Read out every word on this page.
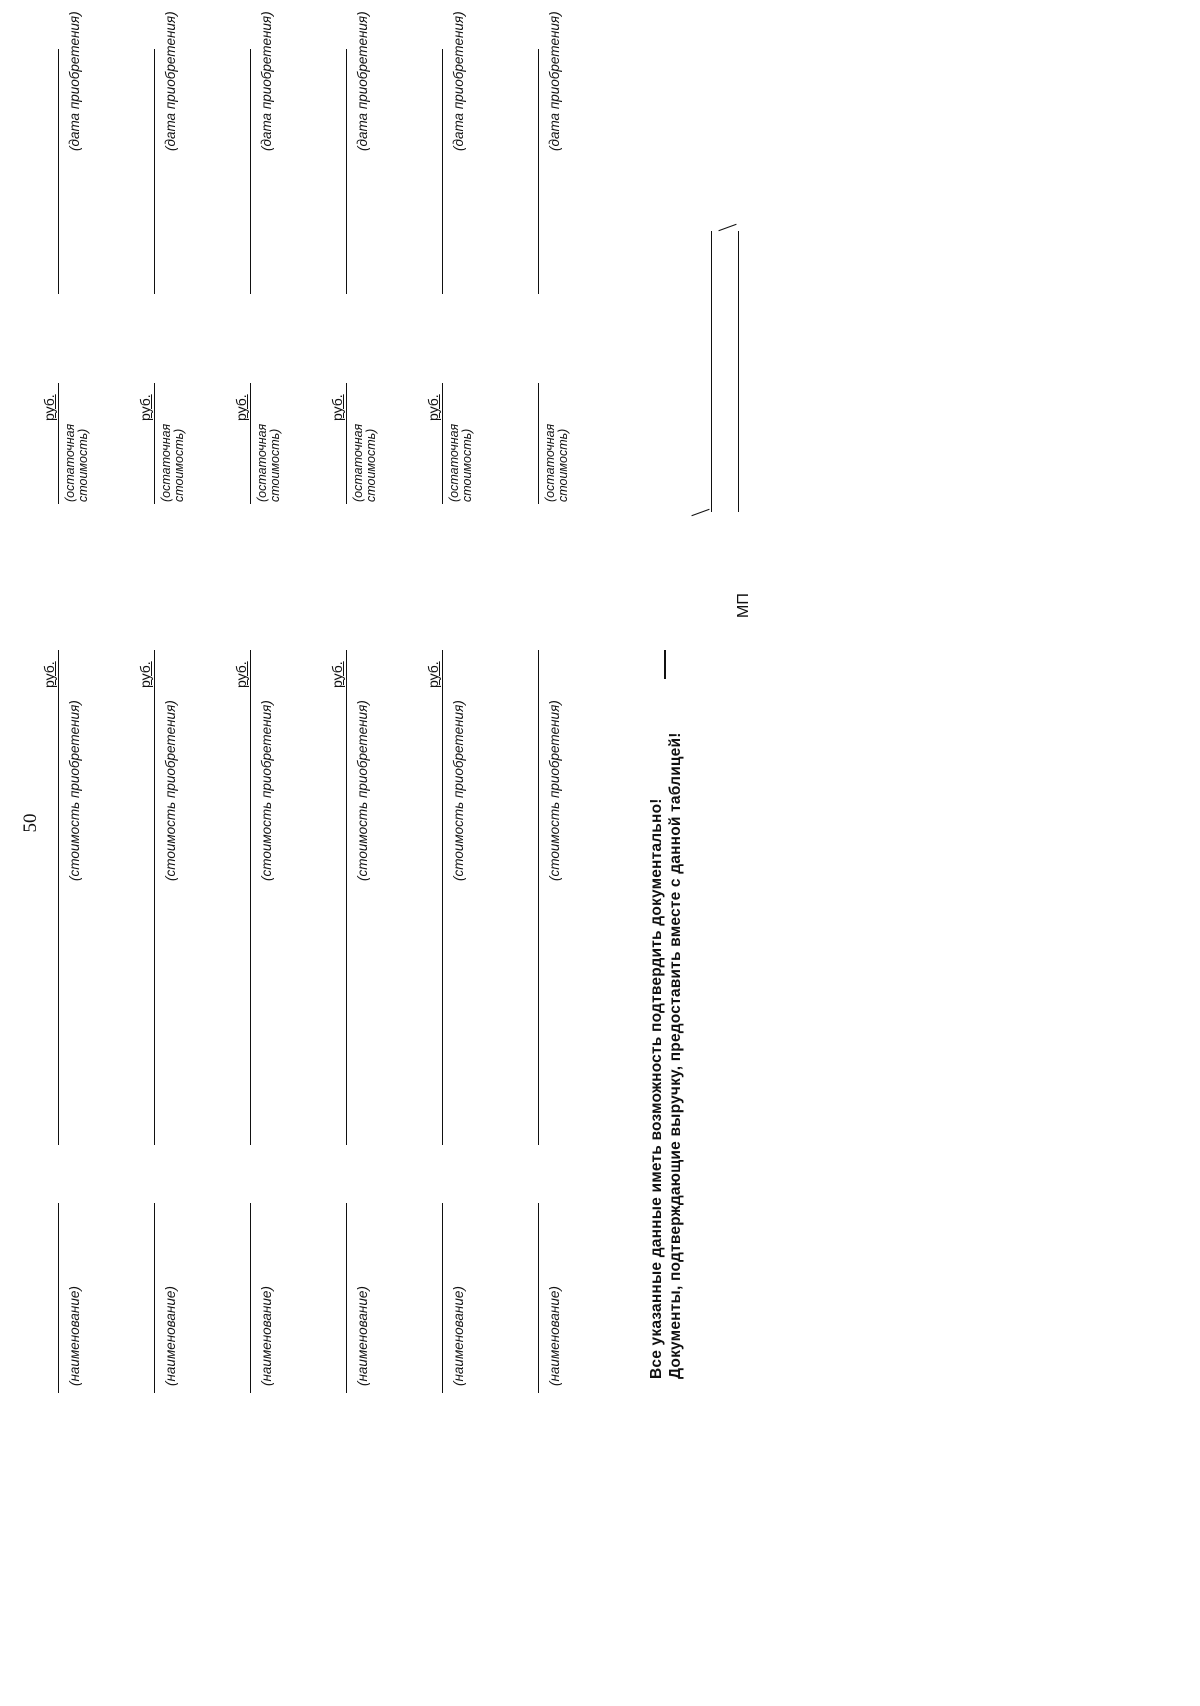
50
(наименование)
(стоимость приобретения)
руб.
(остаточная стоимость)
руб.
(дата приобретения)
(наименование)
(стоимость приобретения)
руб.
(остаточная стоимость)
руб.
(дата приобретения)
(наименование)
(стоимость приобретения)
руб.
(остаточная стоимость)
руб.
(дата приобретения)
(наименование)
(стоимость приобретения)
руб.
(остаточная стоимость)
руб.
(дата приобретения)
(наименование)
(стоимость приобретения)
руб.
(остаточная стоимость)
руб.
(дата приобретения)
(наименование)
(стоимость приобретения)
(остаточная стоимость)
(дата приобретения)
Все указанные данные иметь возможность подтвердить документально! Документы, подтверждающие выручку, предоставить вместе с данной таблицей!
МП
